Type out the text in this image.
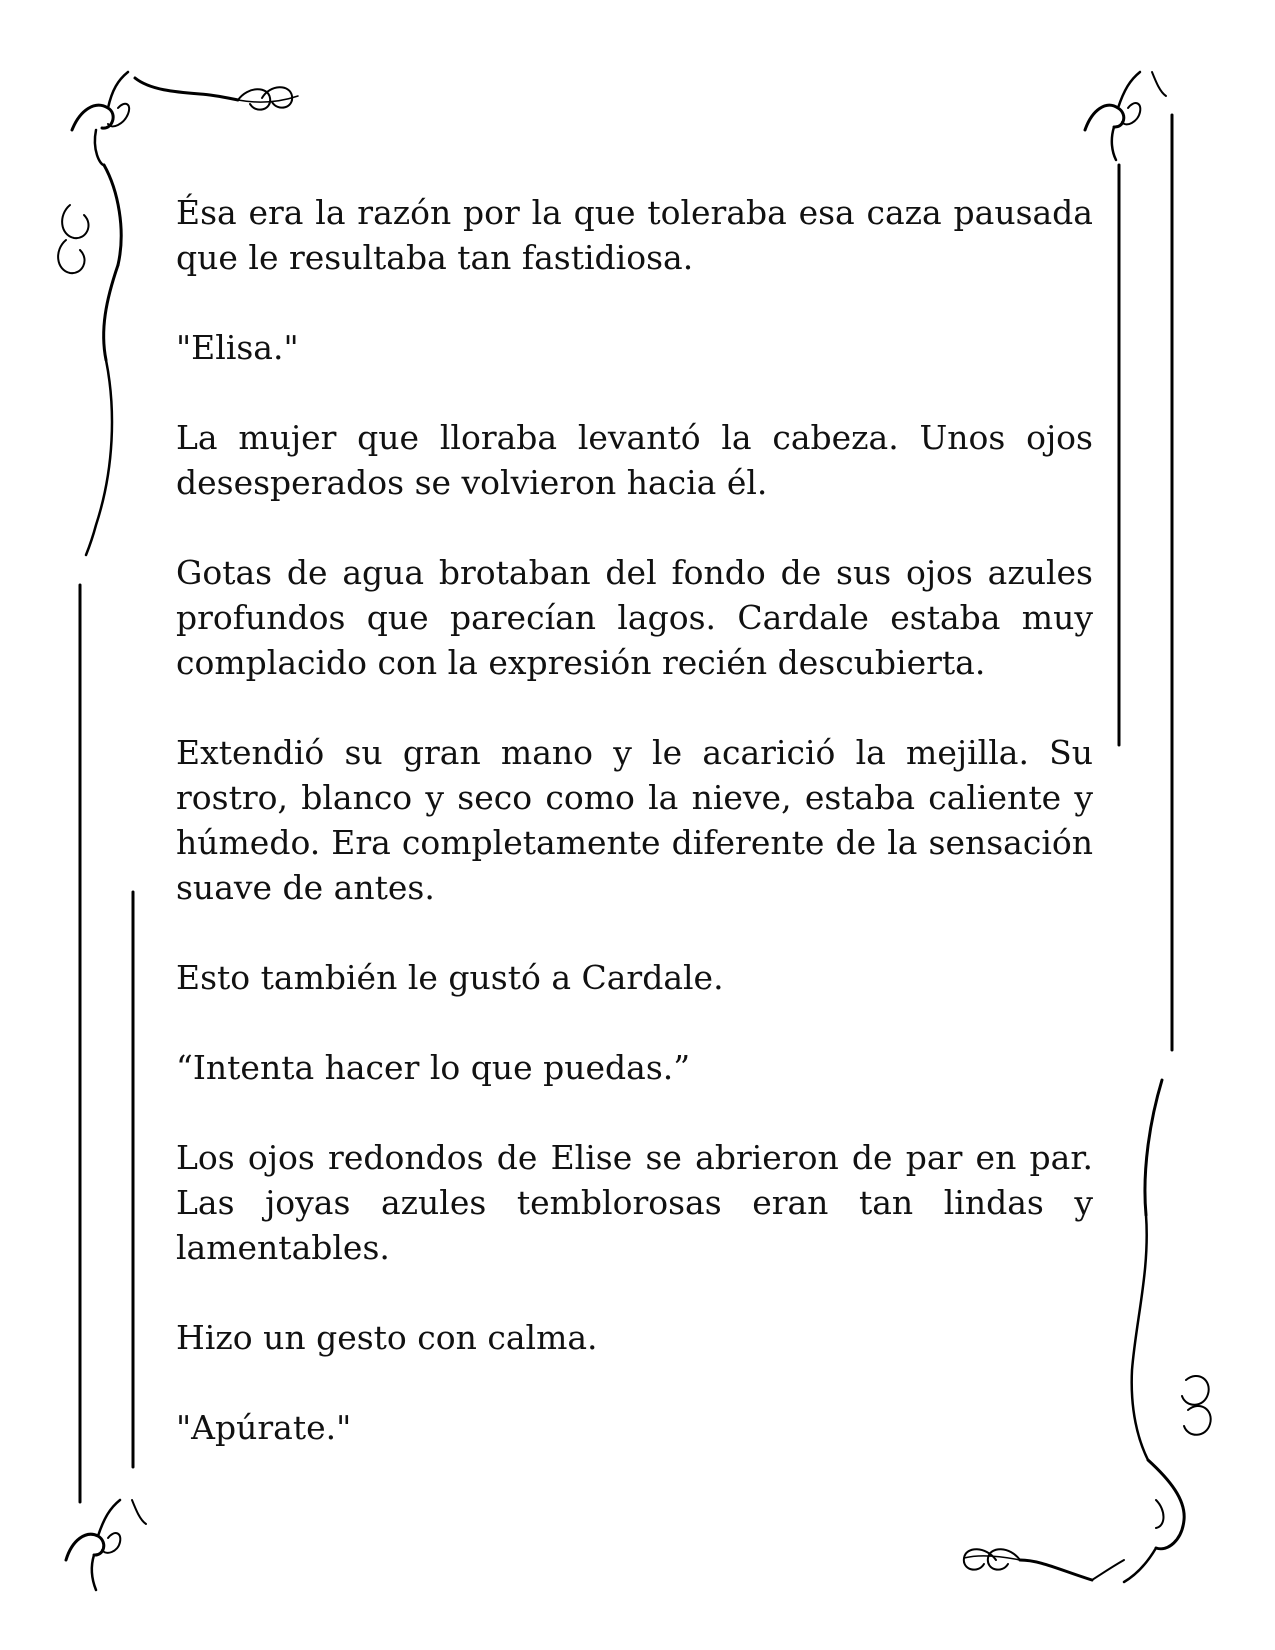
Ésa era la razón por la que toleraba esa caza pausada que le resultaba tan fastidiosa.

"Elisa."

La mujer que lloraba levantó la cabeza. Unos ojos desesperados se volvieron hacia él.

Gotas de agua brotaban del fondo de sus ojos azules profundos que parecían lagos. Cardale estaba muy complacido con la expresión recién descubierta.

Extendió su gran mano y le acarició la mejilla. Su rostro, blanco y seco como la nieve, estaba caliente y húmedo. Era completamente diferente de la sensación suave de antes.

Esto también le gustó a Cardale.

“Intenta hacer lo que puedas.”

Los ojos redondos de Elise se abrieron de par en par. Las joyas azules temblorosas eran tan lindas y lamentables.

Hizo un gesto con calma.

"Apúrate."
